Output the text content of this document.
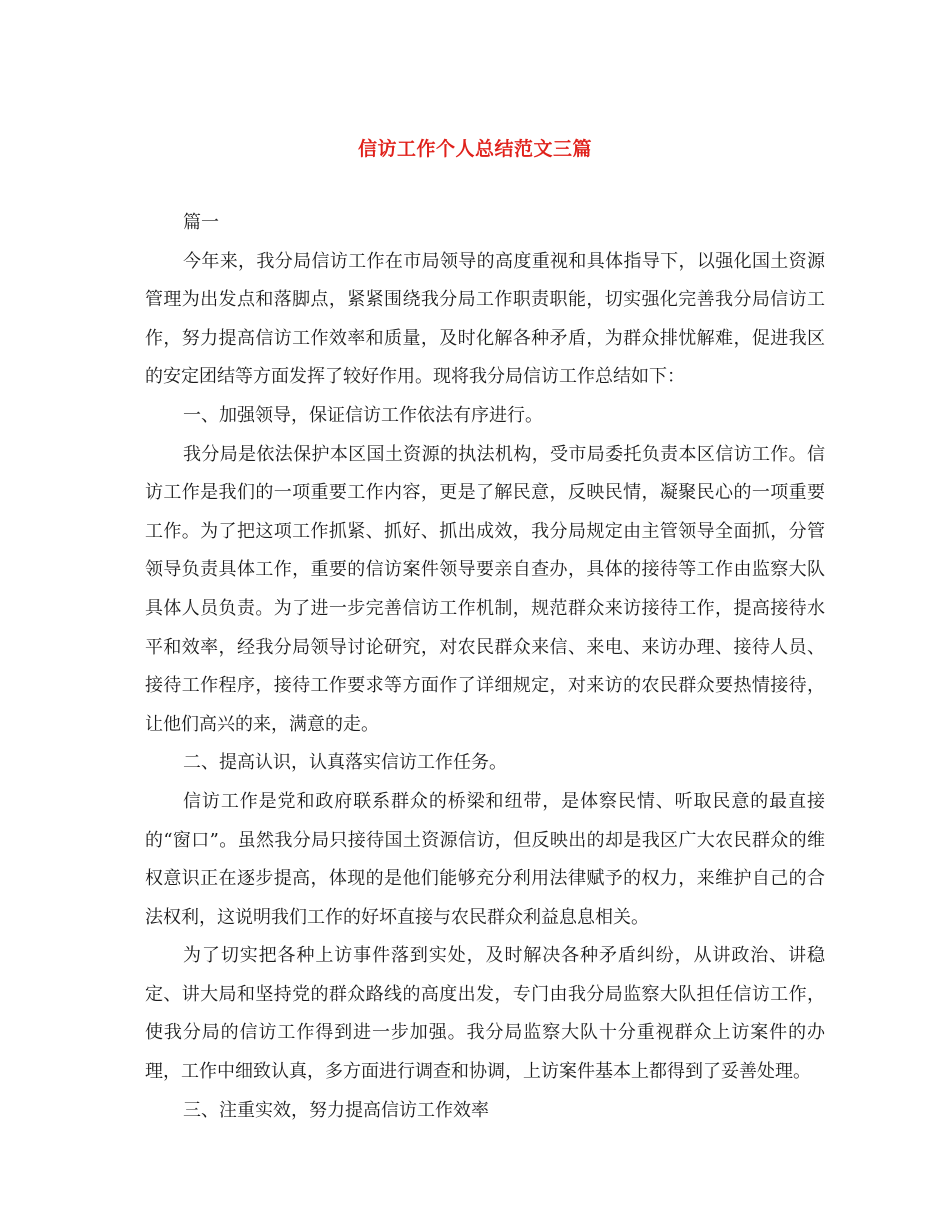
信访工作个人总结范文三篇

篇一

今年来，我分局信访工作在市局领导的高度重视和具体指导下，以强化国土资源管理为出发点和落脚点，紧紧围绕我分局工作职责职能，切实强化完善我分局信访工作，努力提高信访工作效率和质量，及时化解各种矛盾，为群众排忧解难，促进我区的安定团结等方面发挥了较好作用。现将我分局信访工作总结如下：

一、加强领导，保证信访工作依法有序进行。

我分局是依法保护本区国土资源的执法机构，受市局委托负责本区信访工作。信访工作是我们的一项重要工作内容，更是了解民意，反映民情，凝聚民心的一项重要工作。为了把这项工作抓紧、抓好、抓出成效，我分局规定由主管领导全面抓，分管领导负责具体工作，重要的信访案件领导要亲自查办，具体的接待等工作由监察大队具体人员负责。为了进一步完善信访工作机制，规范群众来访接待工作，提高接待水平和效率，经我分局领导讨论研究，对农民群众来信、来电、来访办理、接待人员、接待工作程序，接待工作要求等方面作了详细规定，对来访的农民群众要热情接待，让他们高兴的来，满意的走。

二、提高认识，认真落实信访工作任务。

信访工作是党和政府联系群众的桥梁和纽带，是体察民情、听取民意的最直接的“窗口”。虽然我分局只接待国土资源信访，但反映出的却是我区广大农民群众的维权意识正在逐步提高，体现的是他们能够充分利用法律赋予的权力，来维护自己的合法权利，这说明我们工作的好坏直接与农民群众利益息息相关。

为了切实把各种上访事件落到实处，及时解决各种矛盾纠纷，从讲政治、讲稳定、讲大局和坚持党的群众路线的高度出发，专门由我分局监察大队担任信访工作，使我分局的信访工作得到进一步加强。我分局监察大队十分重视群众上访案件的办理，工作中细致认真，多方面进行调查和协调，上访案件基本上都得到了妥善处理。

三、注重实效，努力提高信访工作效率
